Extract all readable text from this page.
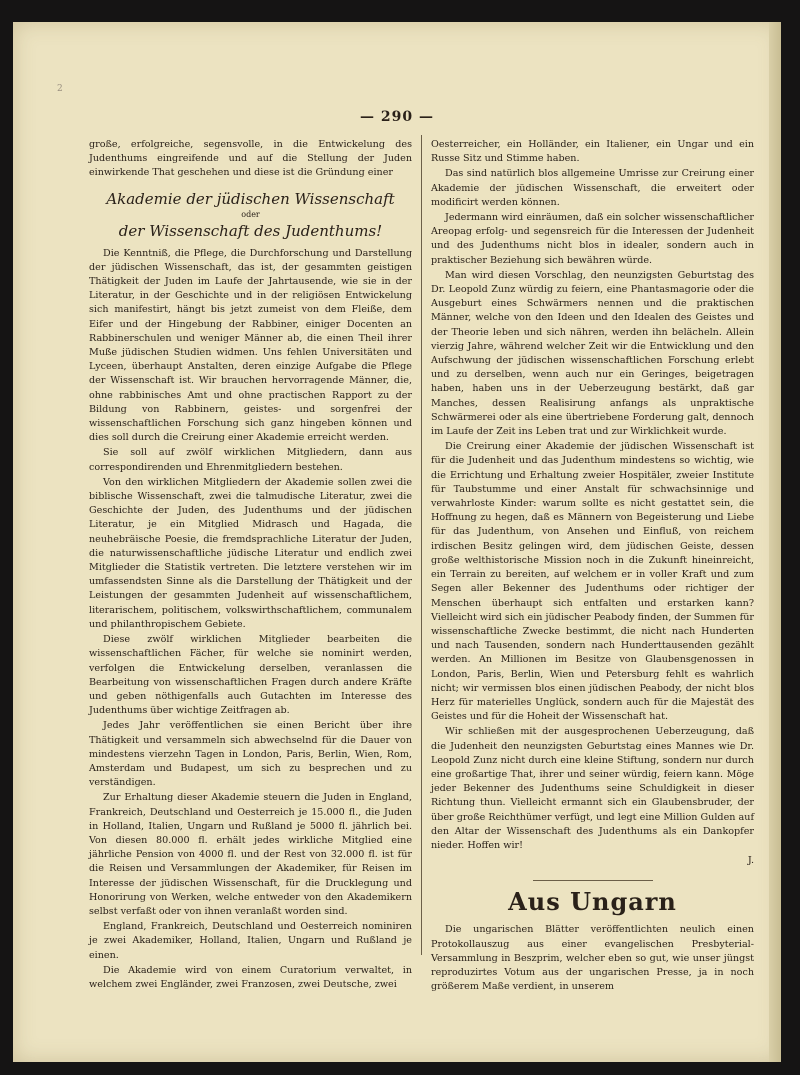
2
— 290 —

große, erfolgreiche, segensvolle, in die Entwickelung des Judenthums eingreifende und auf die Stellung der Juden einwirkende That geschehen und diese ist die Gründung einer

Akademie der jüdischen Wissenschaft
oder
der Wissenschaft des Judenthums!

Die Kenntniß, die Pflege, die Durchforschung und Darstellung der jüdischen Wissenschaft, das ist, der gesammten geistigen Thätigkeit der Juden im Laufe der Jahrtausende, wie sie in der Literatur, in der Geschichte und in der religiösen Entwickelung sich manifestirt, hängt bis jetzt zumeist von dem Fleiße, dem Eifer und der Hingebung der Rabbiner, einiger Docenten an Rabbinerschulen und weniger Männer ab, die einen Theil ihrer Muße jüdischen Studien widmen. Uns fehlen Universitäten und Lyceen, überhaupt Anstalten, deren einzige Aufgabe die Pflege der Wissenschaft ist. Wir brauchen hervorragende Männer, die, ohne rabbinisches Amt und ohne practischen Rapport zu der Bildung von Rabbinern, geistes- und sorgenfrei der wissenschaftlichen Forschung sich ganz hingeben können und dies soll durch die Creirung einer Akademie erreicht werden.

Sie soll auf zwölf wirklichen Mitgliedern, dann aus correspondirenden und Ehrenmitgliedern bestehen.

Von den wirklichen Mitgliedern der Akademie sollen zwei die biblische Wissenschaft, zwei die talmudische Literatur, zwei die Geschichte der Juden, des Judenthums und der jüdischen Literatur, je ein Mitglied Midrasch und Hagada, die neuhebräische Poesie, die fremdsprachliche Literatur der Juden, die naturwissenschaftliche jüdische Literatur und endlich zwei Mitglieder die Statistik vertreten. Die letztere verstehen wir im umfassendsten Sinne als die Darstellung der Thätigkeit und der Leistungen der gesammten Judenheit auf wissenschaftlichem, literarischem, politischem, volkswirthschaftlichem, communalem und philanthropischem Gebiete.

Diese zwölf wirklichen Mitglieder bearbeiten die wissenschaftlichen Fächer, für welche sie nominirt werden, verfolgen die Entwickelung derselben, veranlassen die Bearbeitung von wissenschaftlichen Fragen durch andere Kräfte und geben nöthigenfalls auch Gutachten im Interesse des Judenthums über wichtige Zeitfragen ab.

Jedes Jahr veröffentlichen sie einen Bericht über ihre Thätigkeit und versammeln sich abwechselnd für die Dauer von mindestens vierzehn Tagen in London, Paris, Berlin, Wien, Rom, Amsterdam und Budapest, um sich zu besprechen und zu verständigen.

Zur Erhaltung dieser Akademie steuern die Juden in England, Frankreich, Deutschland und Oesterreich je 15.000 fl., die Juden in Holland, Italien, Ungarn und Rußland je 5000 fl. jährlich bei. Von diesen 80.000 fl. erhält jedes wirkliche Mitglied eine jährliche Pension von 4000 fl. und der Rest von 32.000 fl. ist für die Reisen und Versammlungen der Akademiker, für Reisen im Interesse der jüdischen Wissenschaft, für die Drucklegung und Honorirung von Werken, welche entweder von den Akademikern selbst verfaßt oder von ihnen veranlaßt worden sind.

England, Frankreich, Deutschland und Oesterreich nominiren je zwei Akademiker, Holland, Italien, Ungarn und Rußland je einen.

Die Akademie wird von einem Curatorium verwaltet, in welchem zwei Engländer, zwei Franzosen, zwei Deutsche, zwei

Oesterreicher, ein Holländer, ein Italiener, ein Ungar und ein Russe Sitz und Stimme haben.

Das sind natürlich blos allgemeine Umrisse zur Creirung einer Akademie der jüdischen Wissenschaft, die erweitert oder modificirt werden können.

Jedermann wird einräumen, daß ein solcher wissenschaftlicher Areopag erfolg- und segensreich für die Interessen der Judenheit und des Judenthums nicht blos in idealer, sondern auch in praktischer Beziehung sich bewähren würde.

Man wird diesen Vorschlag, den neunzigsten Geburtstag des Dr. Leopold Zunz würdig zu feiern, eine Phantasmagorie oder die Ausgeburt eines Schwärmers nennen und die praktischen Männer, welche von den Ideen und den Idealen des Geistes und der Theorie leben und sich nähren, werden ihn belächeln. Allein vierzig Jahre, während welcher Zeit wir die Entwicklung und den Aufschwung der jüdischen wissenschaftlichen Forschung erlebt und zu derselben, wenn auch nur ein Geringes, beigetragen haben, haben uns in der Ueberzeugung bestärkt, daß gar Manches, dessen Realisirung anfangs als unpraktische Schwärmerei oder als eine übertriebene Forderung galt, dennoch im Laufe der Zeit ins Leben trat und zur Wirklichkeit wurde.

Die Creirung einer Akademie der jüdischen Wissenschaft ist für die Judenheit und das Judenthum mindestens so wichtig, wie die Errichtung und Erhaltung zweier Hospitäler, zweier Institute für Taubstumme und einer Anstalt für schwachsinnige und verwahrloste Kinder: warum sollte es nicht gestattet sein, die Hoffnung zu hegen, daß es Männern von Begeisterung und Liebe für das Judenthum, von Ansehen und Einfluß, von reichem irdischen Besitz gelingen wird, dem jüdischen Geiste, dessen große welthistorische Mission noch in die Zukunft hineinreicht, ein Terrain zu bereiten, auf welchem er in voller Kraft und zum Segen aller Bekenner des Judenthums oder richtiger der Menschen überhaupt sich entfalten und erstarken kann? Vielleicht wird sich ein jüdischer Peabody finden, der Summen für wissenschaftliche Zwecke bestimmt, die nicht nach Hunderten und nach Tausenden, sondern nach Hunderttausenden gezählt werden. An Millionen im Besitze von Glaubensgenossen in London, Paris, Berlin, Wien und Petersburg fehlt es wahrlich nicht; wir vermissen blos einen jüdischen Peabody, der nicht blos Herz für materielles Unglück, sondern auch für die Majestät des Geistes und für die Hoheit der Wissenschaft hat.

Wir schließen mit der ausgesprochenen Ueberzeugung, daß die Judenheit den neunzigsten Geburtstag eines Mannes wie Dr. Leopold Zunz nicht durch eine kleine Stiftung, sondern nur durch eine großartige That, ihrer und seiner würdig, feiern kann. Möge jeder Bekenner des Judenthums seine Schuldigkeit in dieser Richtung thun. Vielleicht ermannt sich ein Glaubensbruder, der über große Reichthümer verfügt, und legt eine Million Gulden auf den Altar der Wissenschaft des Judenthums als ein Dankopfer nieder. Hoffen wir!

J.

Aus Ungarn

Die ungarischen Blätter veröffentlichten neulich einen Protokollauszug aus einer evangelischen Presbyterial-Versammlung in Beszprim, welcher eben so gut, wie unser jüngst reproduzirtes Votum aus der ungarischen Presse, ja in noch größerem Maße verdient, in unserem
